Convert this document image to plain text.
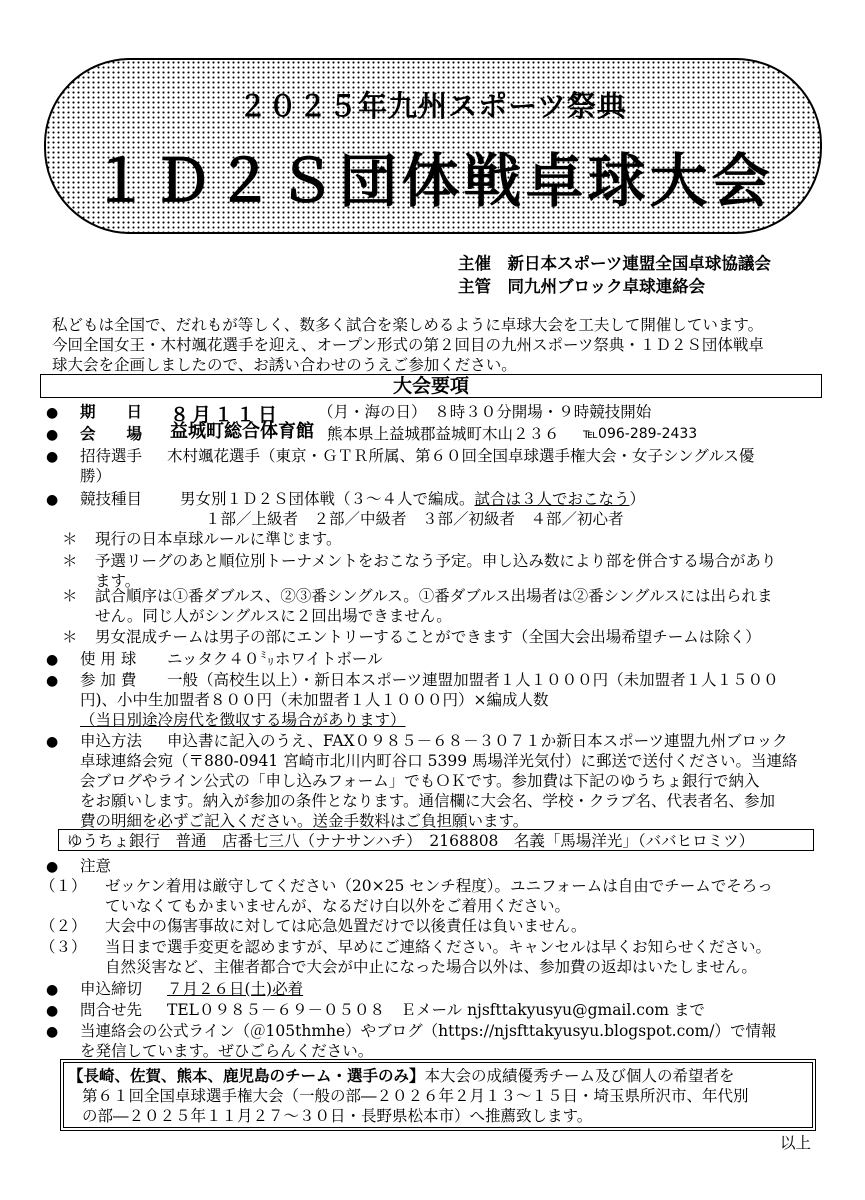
２０２５年九州スポーツ祭典
１Ｄ２Ｓ団体戦卓球大会
主催　新日本スポーツ連盟全国卓球協議会
主管　同九州ブロック卓球連絡会
私どもは全国で、だれもが等しく、数多く試合を楽しめるように卓球大会を工夫して開催しています。
今回全国女王・木村颯花選手を迎え、オープン形式の第２回目の九州スポーツ祭典・１Ｄ２Ｓ団体戦卓
球大会を企画しましたので、お誘い合わせのうえご参加ください。
大会要項
● 期　　日 ８月１１日 （月・海の日）　８時３０分開場・９時競技開始
● 会　　場 益城町総合体育館 熊本県上益城郡益城町木山２３６ ℡096-289-2433
● 招待選手 木村颯花選手（東京・ＧＴＲ所属、第６０回全国卓球選手権大会・女子シングルス優
勝）
● 競技種目 男女別１Ｄ２Ｓ団体戦（３～４人で編成。試合は３人でおこなう）
１部／上級者　２部／中級者　３部／初級者　４部／初心者
＊ 現行の日本卓球ルールに準じます。
＊ 予選リーグのあと順位別トーナメントをおこなう予定。申し込み数により部を併合する場合があり
ます。
＊ 試合順序は①番ダブルス、②③番シングルス。①番ダブルス出場者は②番シングルスには出られま
せん。同じ人がシングルスに２回出場できません。
＊ 男女混成チームは男子の部にエントリーすることができます（全国大会出場希望チームは除く）
● 使 用 球 ニッタク４０㍉ホワイトボール
● 参 加 費 一般（高校生以上）・新日本スポーツ連盟加盟者１人１０００円（未加盟者１人１５００
円)、小中生加盟者８００円（未加盟者１人１０００円）×編成人数
（当日別途冷房代を徴収する場合があります）
● 申込方法 申込書に記入のうえ、FAX０９８５－６８－３０７１か新日本スポーツ連盟九州ブロック
卓球連絡会宛（〒880-0941 宮崎市北川内町谷口 5399 馬場洋光気付）に郵送で送付ください。当連絡
会ブログやライン公式の「申し込みフォーム」でもＯＫです。参加費は下記のゆうちょ銀行で納入
をお願いします。納入が参加の条件となります。通信欄に大会名、学校・クラブ名、代表者名、参加
費の明細を必ずご記入ください。送金手数料はご負担願います。
ゆうちょ銀行　普通　店番七三八（ナナサンハチ）　2168808　名義「馬場洋光」（ババヒロミツ）
● 注意
（１） ゼッケン着用は厳守してください（20×25 センチ程度）。ユニフォームは自由でチームでそろっ
ていなくてもかまいませんが、なるだけ白以外をご着用ください。
（２） 大会中の傷害事故に対しては応急処置だけで以後責任は負いません。
（３） 当日まで選手変更を認めますが、早めにご連絡ください。キャンセルは早くお知らせください。
自然災害など、主催者都合で大会が中止になった場合以外は、参加費の返却はいたしません。
● 申込締切 ７月２６日(土)必着
● 問合せ先 TEL０９８５－６９－０５０８　Ｅメール njsfttakyusyu@gmail.com まで
● 当連絡会の公式ライン（＠105thmhe）やブログ（https://njsfttakyusyu.blogspot.com/）で情報
を発信しています。ぜひごらんください。
【長崎、佐賀、熊本、鹿児島のチーム・選手のみ】本大会の成績優秀チーム及び個人の希望者を
第６１回全国卓球選手権大会（一般の部―２０２６年２月１３～１５日・埼玉県所沢市、年代別
の部―２０２５年１１月２７～３０日・長野県松本市）へ推薦致します。
以上
